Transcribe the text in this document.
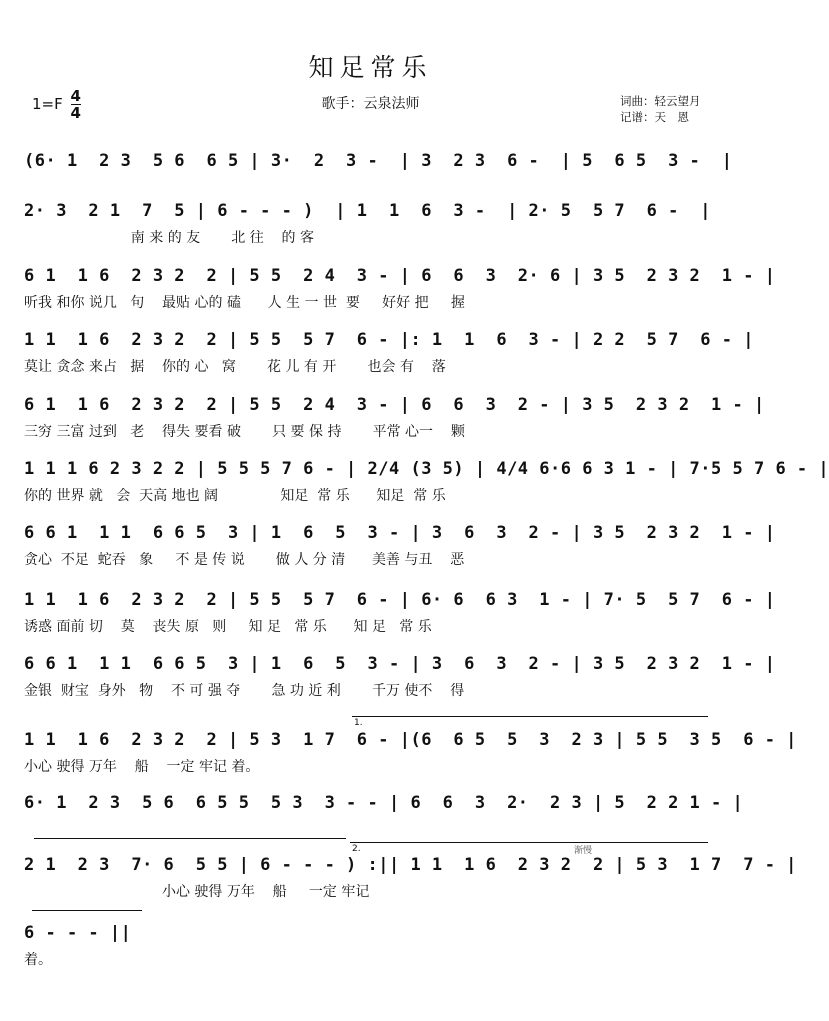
知足常乐
$1=F \frac{4}{4}$	歌手：云泉法师	词曲：轻云望月
记谱：天　恩
(6· 1  2 3  5 6  6 5 | 3·  2  3 -  | 3  2 3  6 -  | 5  6 5  3 -  |
2· 3  2 1  7  5 | 6 - - - )  | 1  1  6  3 -  | 2· 5  5 7  6 -  |
南 来 的 友       北 往    的 客
6 1  1 6  2 3 2  2 | 5 5  2 4  3 - | 6  6  3  2· 6 | 3 5  2 3 2  1 - |
听我 和你 说几   句    最贴 心的 磕      人 生 一 世  要     好好 把     握
1 1  1 6  2 3 2  2 | 5 5  5 7  6 - |: 1  1  6  3 - | 2 2  5 7  6 - |
莫让 贪念 来占   据    你的 心   窝       花 儿 有 开       也会 有    落
6 1  1 6  2 3 2  2 | 5 5  2 4  3 - | 6  6  3  2 - | 3 5  2 3 2  1 - |
三穷 三富 过到   老    得失 要看 破       只 要 保 持       平常 心一    颗
1 1 1 6 2 3 2 2 | 5 5 5 7 6 - | 2/4 (3 5) | 4/4 6·6 6 3 1 - | 7·5 5 7 6 - |
你的 世界 就   会  天高 地也 阔              知足  常 乐      知足  常 乐
6 6 1  1 1  6 6 5  3 | 1  6  5  3 - | 3  6  3  2 - | 3 5  2 3 2  1 - |
贪心  不足  蛇吞   象     不 是 传 说       做 人 分 清      美善 与丑    恶
1 1  1 6  2 3 2  2 | 5 5  5 7  6 - | 6· 6  6 3  1 - | 7· 5  5 7  6 - |
诱惑 面前 切    莫    丧失 原   则     知 足   常 乐      知 足   常 乐
6 6 1  1 1  6 6 5  3 | 1  6  5  3 - | 3  6  3  2 - | 3 5  2 3 2  1 - |
金银  财宝  身外   物    不 可 强 夺       急 功 近 利       千万 使不    得
1.
1 1  1 6  2 3 2  2 | 5 3  1 7  6 - |(6  6 5  5  3  2 3 | 5 5  3 5  6 - |
小心 驶得 万年    船    一定 牢记 着。
6· 1  2 3  5 6  6 5 5  5 3  3 - - | 6  6  3  2·  2 3 | 5  2 2 1 - |
2.	渐慢
2 1  2 3  7· 6  5 5 | 6 - - - ) :|| 1 1  1 6  2 3 2  2 | 5 3  1 7  7 - |
小心 驶得 万年    船     一定 牢记
6 - - - ||
着。
